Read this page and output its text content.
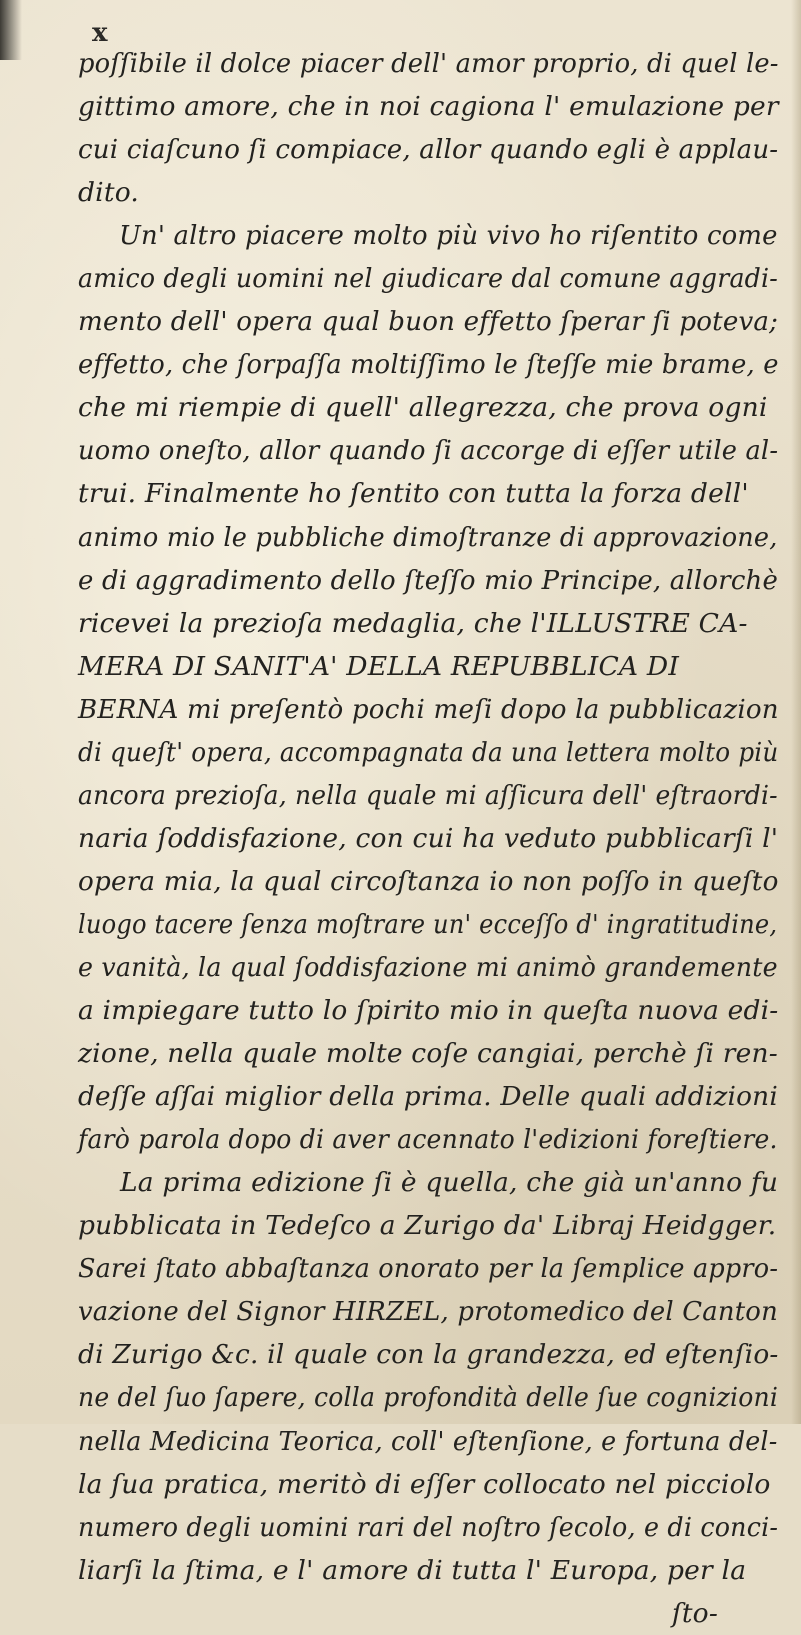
x
poſſibile il dolce piacer dell' amor proprio, di quel le-
gittimo amore, che in noi cagiona l' emulazione per
cui ciaſcuno ſi compiace, allor quando egli è applau-
dito.
Un' altro piacere molto più vivo ho riſentito come
amico degli uomini nel giudicare dal comune aggradi-
mento dell' opera qual buon effetto ſperar ſi poteva;
effetto, che ſorpaſſa moltiſſimo le ſteſſe mie brame, e
che mi riempie di quell' allegrezza, che prova ogni
uomo oneſto, allor quando ſi accorge di eſſer utile al-
trui. Finalmente ho ſentito con tutta la forza dell'
animo mio le pubbliche dimoſtranze di approvazione,
e di aggradimento dello ſteſſo mio Principe, allorchè
ricevei la prezioſa medaglia, che l'ILLUSTRE CA-
MERA DI SANIT'A' DELLA REPUBBLICA DI
BERNA mi preſentò pochi meſi dopo la pubblicazion
di queſt' opera, accompagnata da una lettera molto più
ancora prezioſa, nella quale mi aſſicura dell' eſtraordi-
naria ſoddisfazione, con cui ha veduto pubblicarſi l'
opera mia, la qual circoſtanza io non poſſo in queſto
luogo tacere ſenza moſtrare un' ecceſſo d' ingratitudine,
e vanità, la qual ſoddisfazione mi animò grandemente
a impiegare tutto lo ſpirito mio in queſta nuova edi-
zione, nella quale molte coſe cangiai, perchè ſi ren-
deſſe aſſai miglior della prima. Delle quali addizioni
farò parola dopo di aver acennato l'edizioni foreſtiere.
La prima edizione ſi è quella, che già un'anno fu
pubblicata in Tedeſco a Zurigo da' Libraj Heidgger.
Sarei ſtato abbaſtanza onorato per la ſemplice appro-
vazione del Signor HIRZEL, protomedico del Canton
di Zurigo &c. il quale con la grandezza, ed eſtenſio-
ne del ſuo ſapere, colla profondità delle ſue cognizioni
nella Medicina Teorica, coll' eſtenſione, e fortuna del-
la ſua pratica, meritò di eſſer collocato nel picciolo
numero degli uomini rari del noſtro ſecolo, e di conci-
liarſi la ſtima, e l' amore di tutta l' Europa, per la
ſto-
